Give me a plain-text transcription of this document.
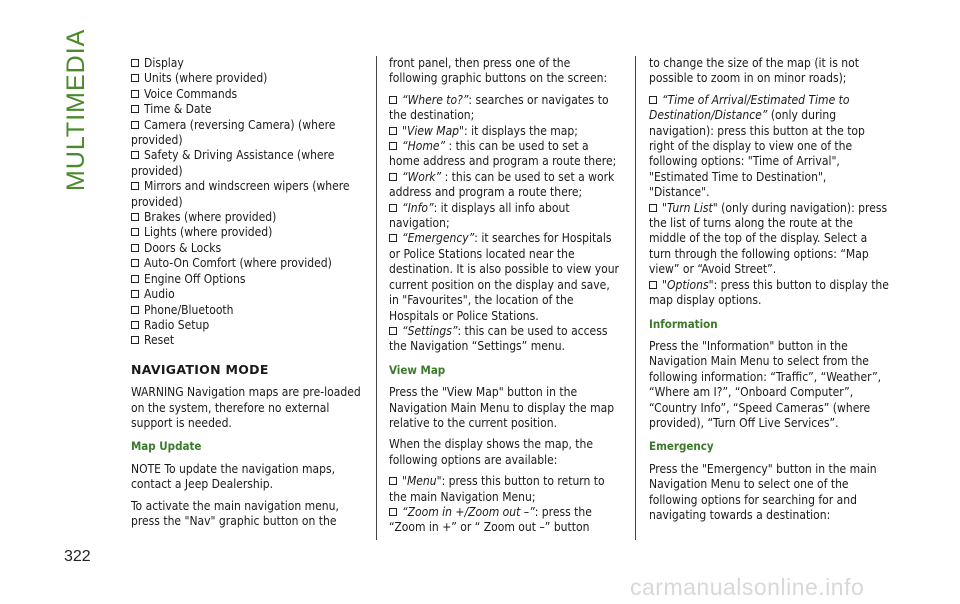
MULTIMEDIA
322
Display
Units (where provided)
Voice Commands
Time & Date
Camera (reversing Camera) (where provided)
Safety & Driving Assistance (where provided)
Mirrors and windscreen wipers (where provided)
Brakes (where provided)
Lights (where provided)
Doors & Locks
Auto-On Comfort (where provided)
Engine Off Options
Audio
Phone/Bluetooth
Radio Setup
Reset
NAVIGATION MODE

WARNING Navigation maps are pre-loaded on the system, therefore no external support is needed.

Map Update

NOTE To update the navigation maps, contact a Jeep Dealership.

To activate the main navigation menu, press the "Nav" graphic button on the

front panel, then press one of the following graphic buttons on the screen:

“Where to?”: searches or navigates to the destination;
"View Map": it displays the map;
“Home” : this can be used to set a home address and program a route there;
“Work” : this can be used to set a work address and program a route there;
“Info”: it displays all info about navigation;
“Emergency”: it searches for Hospitals or Police Stations located near the destination. It is also possible to view your current position on the display and save, in "Favourites", the location of the Hospitals or Police Stations.
“Settings”: this can be used to access the Navigation “Settings” menu.
View Map

Press the "View Map" button in the Navigation Main Menu to display the map relative to the current position.

When the display shows the map, the following options are available:

"Menu": press this button to return to the main Navigation Menu;
“Zoom in +/Zoom out –”: press the “Zoom in +” or “ Zoom out –” button

to change the size of the map (it is not possible to zoom in on minor roads);

“Time of Arrival/Estimated Time to Destination/Distance” (only during navigation): press this button at the top right of the display to view one of the following options: "Time of Arrival", "Estimated Time to Destination", "Distance".
"Turn List" (only during navigation): press the list of turns along the route at the middle of the top of the display. Select a turn through the following options: “Map view” or “Avoid Street”.
"Options": press this button to display the map display options.
Information

Press the "Information" button in the Navigation Main Menu to select from the following information: “Traffic”, “Weather”, “Where am I?”, “Onboard Computer”, “Country Info”, “Speed Cameras” (where provided), “Turn Off Live Services”.

Emergency

Press the "Emergency" button in the main Navigation Menu to select one of the following options for searching for and navigating towards a destination:

carmanualsonline.info
